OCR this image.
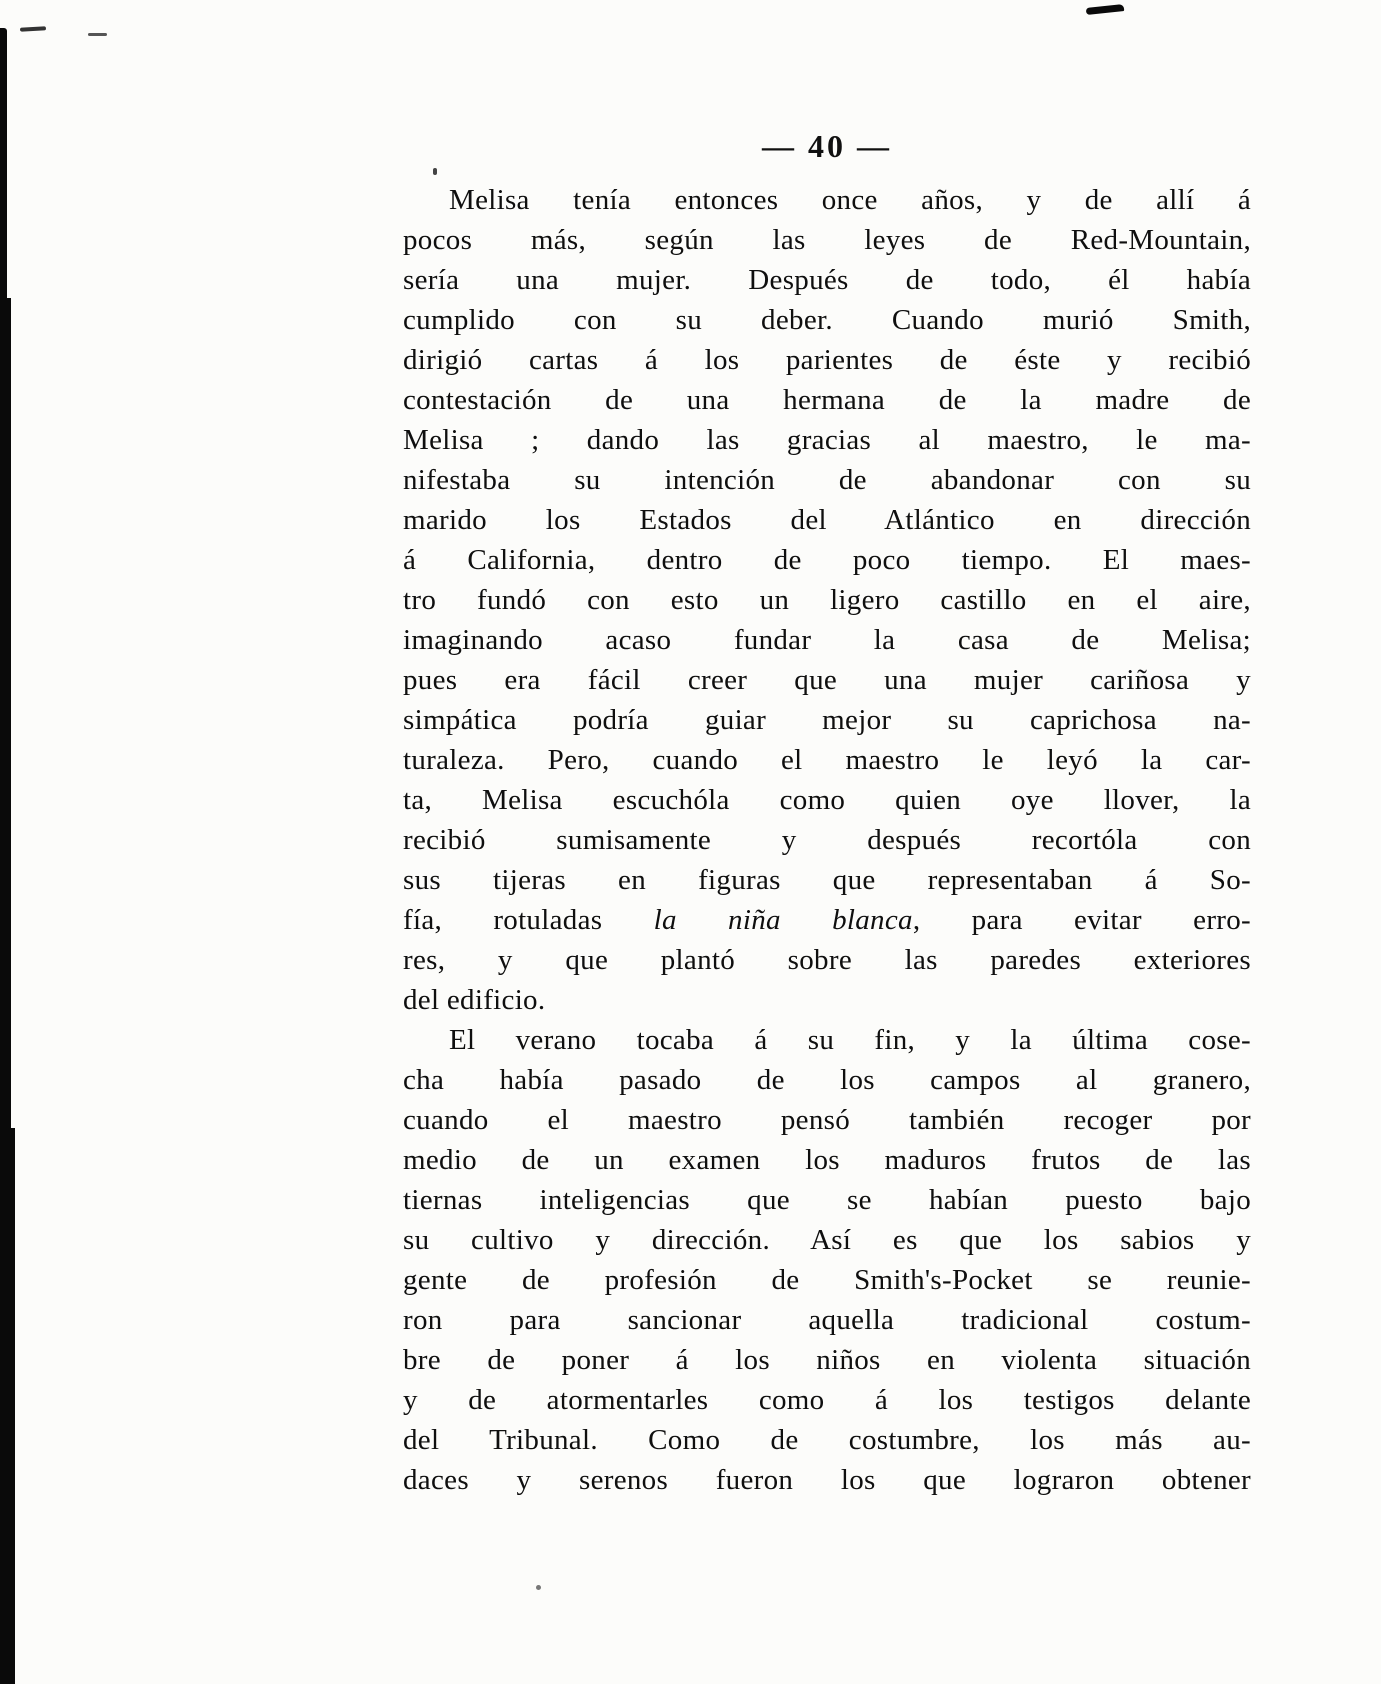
— 40 —
Melisa tenía entonces once años, y de allí á
pocos más, según las leyes de Red-Mountain,
sería una mujer. Después de todo, él había
cumplido con su deber. Cuando murió Smith,
dirigió cartas á los parientes de éste y recibió
contestación de una hermana de la madre de
Melisa ; dando las gracias al maestro, le ma-
nifestaba su intención de abandonar con su
marido los Estados del Atlántico en dirección
á California, dentro de poco tiempo. El maes-
tro fundó con esto un ligero castillo en el aire,
imaginando acaso fundar la casa de Melisa;
pues era fácil creer que una mujer cariñosa y
simpática podría guiar mejor su caprichosa na-
turaleza. Pero, cuando el maestro le leyó la car-
ta, Melisa escuchóla como quien oye llover, la
recibió sumisamente y después recortóla con
sus tijeras en figuras que representaban á So-
fía, rotuladas la niña blanca, para evitar erro-
res, y que plantó sobre las paredes exteriores
del edificio.
El verano tocaba á su fin, y la última cose-
cha había pasado de los campos al granero,
cuando el maestro pensó también recoger por
medio de un examen los maduros frutos de las
tiernas inteligencias que se habían puesto bajo
su cultivo y dirección. Así es que los sabios y
gente de profesión de Smith's-Pocket se reunie-
ron para sancionar aquella tradicional costum-
bre de poner á los niños en violenta situación
y de atormentarles como á los testigos delante
del Tribunal. Como de costumbre, los más au-
daces y serenos fueron los que lograron obtener
